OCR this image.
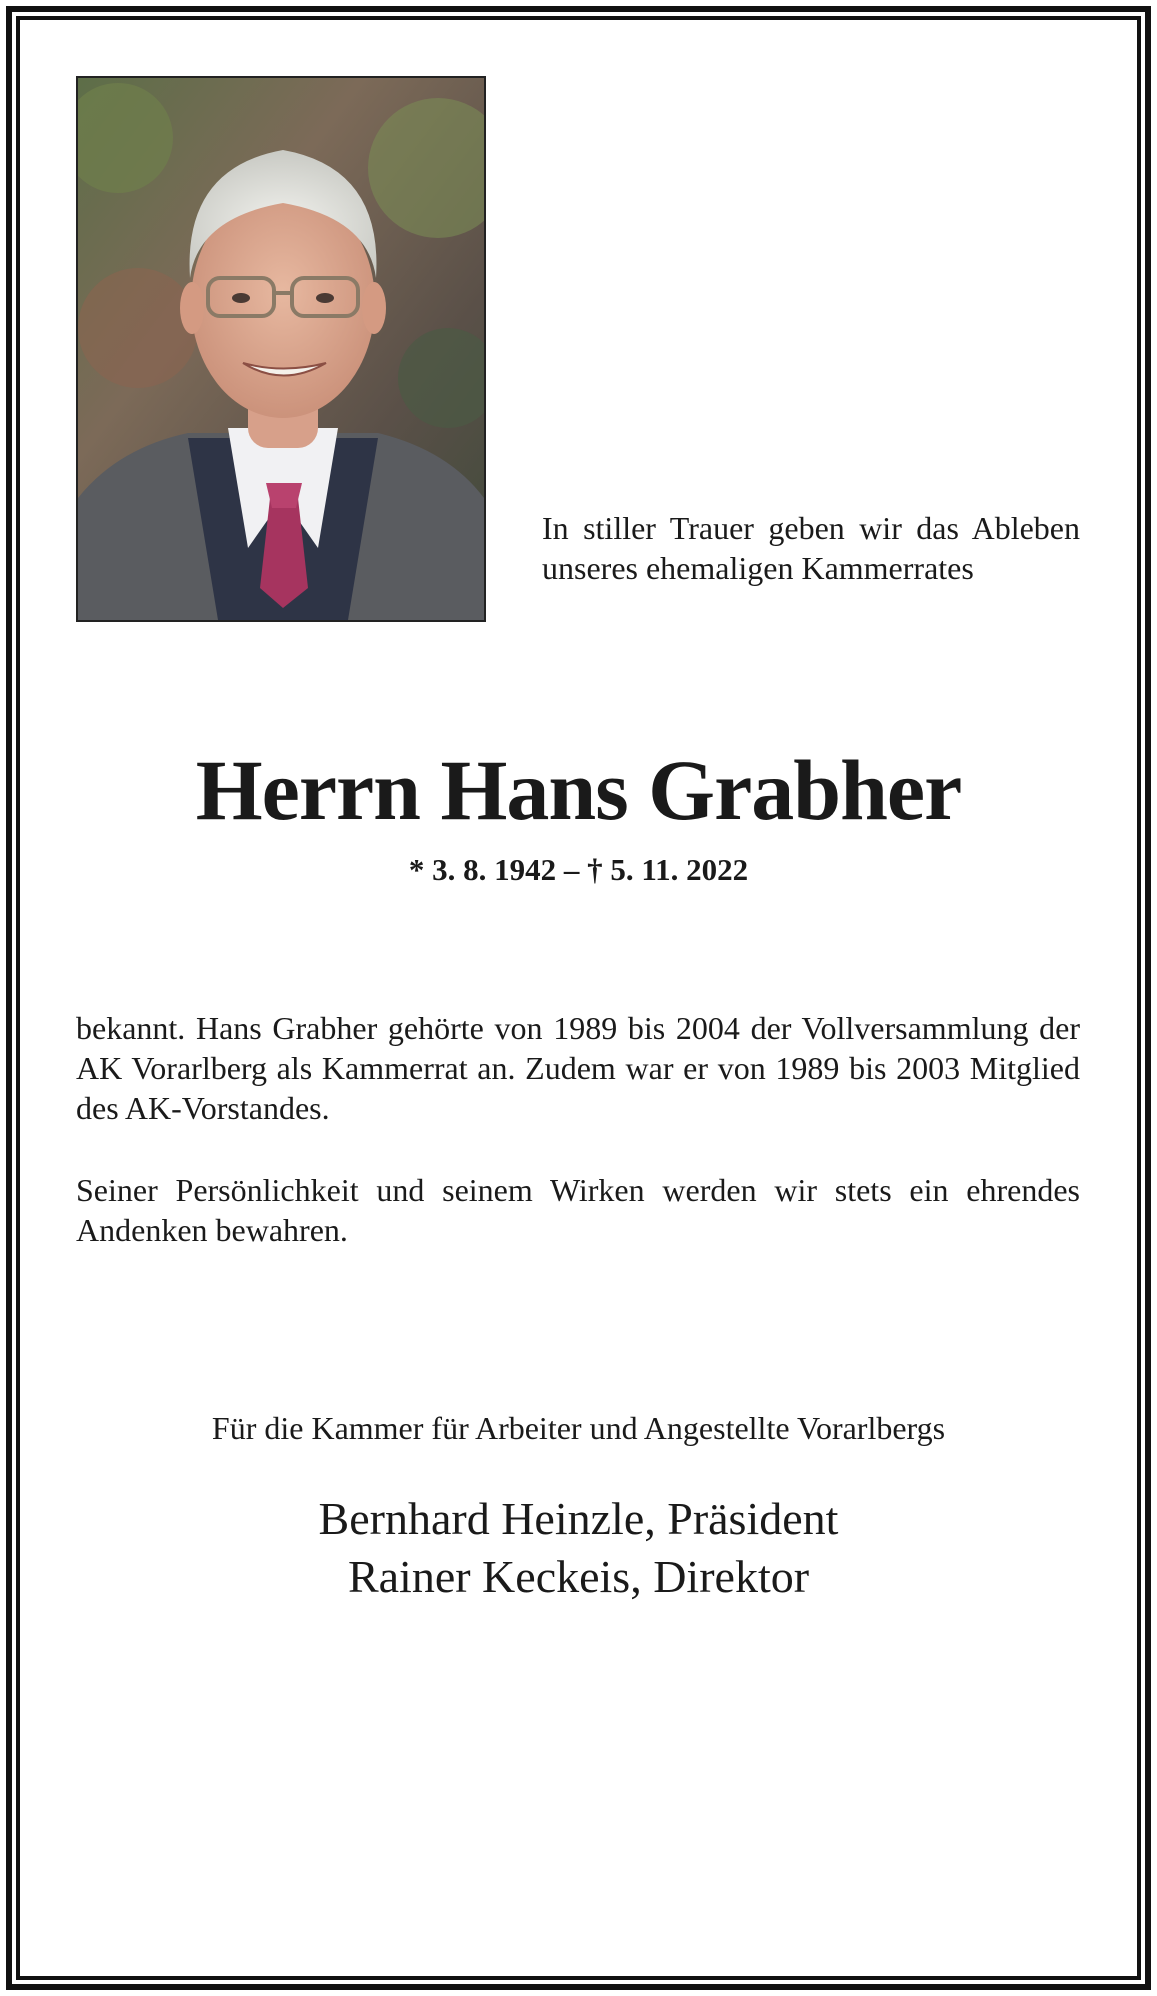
In stiller Trauer geben wir das Ableben unseres ehemaligen Kammerrates

Herrn Hans Grabher

* 3. 8. 1942 – † 5. 11. 2022

bekannt. Hans Grabher gehörte von 1989 bis 2004 der Vollversammlung der AK Vorarlberg als Kammerrat an. Zudem war er von 1989 bis 2003 Mitglied des AK-Vorstandes.

Seiner Persönlichkeit und seinem Wirken werden wir stets ein ehrendes Andenken bewahren.

Für die Kammer für Arbeiter und Angestellte Vorarlbergs

Bernhard Heinzle, Präsident
Rainer Keckeis, Direktor
